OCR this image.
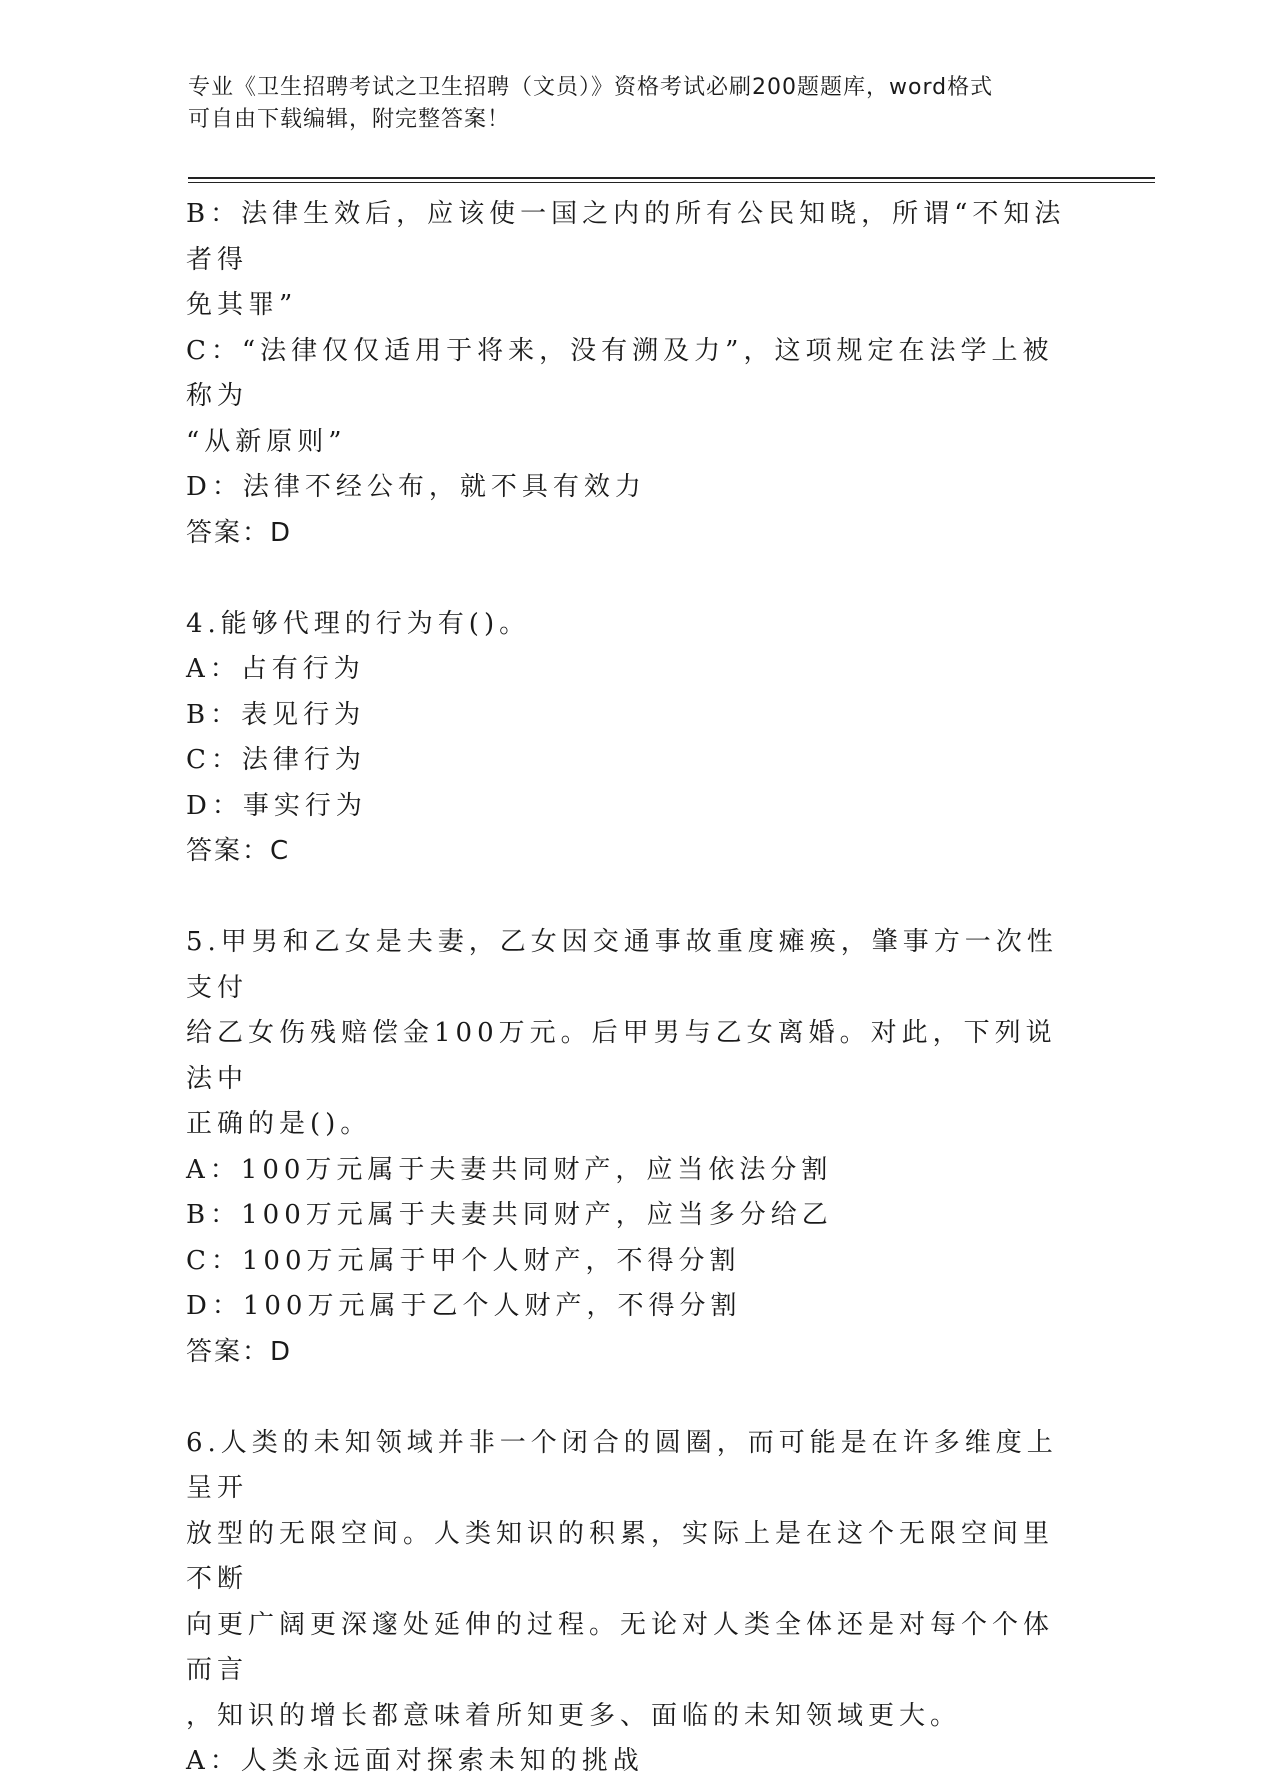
专业《卫生招聘考试之卫生招聘（文员）》资格考试必刷200题题库，word格式
可自由下载编辑，附完整答案！
B：法律生效后，应该使一国之内的所有公民知晓，所谓“不知法者得
免其罪”
C：“法律仅仅适用于将来，没有溯及力”，这项规定在法学上被称为
“从新原则”
D：法律不经公布，就不具有效力
答案：D
4.能够代理的行为有()。
A：占有行为
B：表见行为
C：法律行为
D：事实行为
答案：C
5.甲男和乙女是夫妻，乙女因交通事故重度瘫痪，肇事方一次性支付
给乙女伤残赔偿金100万元。后甲男与乙女离婚。对此，下列说法中
正确的是()。
A：100万元属于夫妻共同财产，应当依法分割
B：100万元属于夫妻共同财产，应当多分给乙
C：100万元属于甲个人财产，不得分割
D：100万元属于乙个人财产，不得分割
答案：D
6.人类的未知领域并非一个闭合的圆圈，而可能是在许多维度上呈开
放型的无限空间。人类知识的积累，实际上是在这个无限空间里不断
向更广阔更深邃处延伸的过程。无论对人类全体还是对每个个体而言
，知识的增长都意味着所知更多、面临的未知领域更大。
A：人类永远面对探索未知的挑战
